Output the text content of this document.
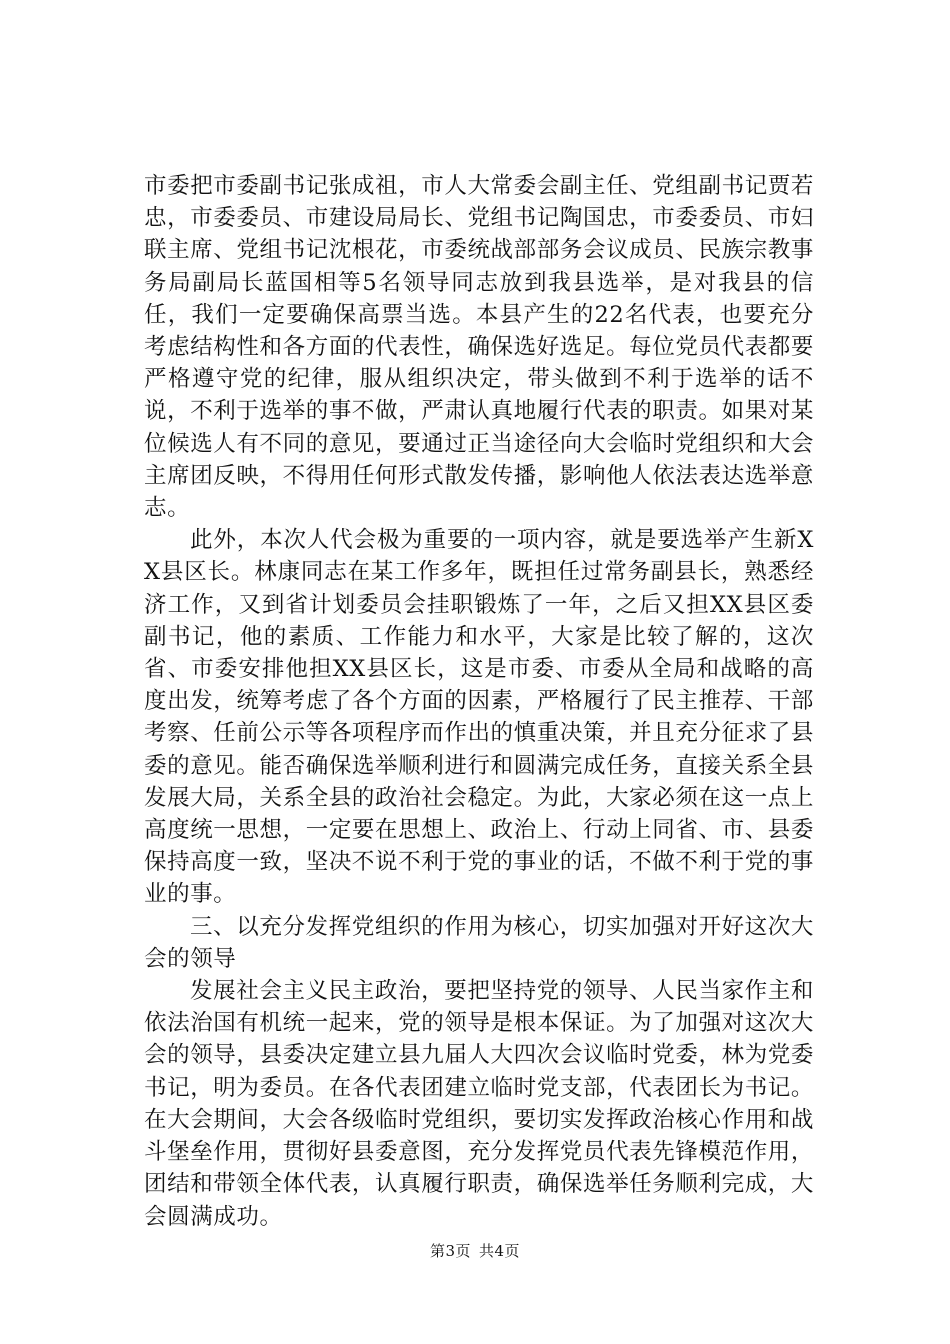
市委把市委副书记张成祖，市人大常委会副主任、党组副书记贾若忠，市委委员、市建设局局长、党组书记陶国忠，市委委员、市妇联主席、党组书记沈根花，市委统战部部务会议成员、民族宗教事务局副局长蓝国相等5名领导同志放到我县选举，是对我县的信任，我们一定要确保高票当选。本县产生的22名代表，也要充分考虑结构性和各方面的代表性，确保选好选足。每位党员代表都要严格遵守党的纪律，服从组织决定，带头做到不利于选举的话不说，不利于选举的事不做，严肃认真地履行代表的职责。如果对某位候选人有不同的意见，要通过正当途径向大会临时党组织和大会主席团反映，不得用任何形式散发传播，影响他人依法表达选举意志。

此外，本次人代会极为重要的一项内容，就是要选举产生新XX县区长。林康同志在某工作多年，既担任过常务副县长，熟悉经济工作，又到省计划委员会挂职锻炼了一年，之后又担XX县区委副书记，他的素质、工作能力和水平，大家是比较了解的，这次省、市委安排他担XX县区长，这是市委、市委从全局和战略的高度出发，统筹考虑了各个方面的因素，严格履行了民主推荐、干部考察、任前公示等各项程序而作出的慎重决策，并且充分征求了县委的意见。能否确保选举顺利进行和圆满完成任务，直接关系全县发展大局，关系全县的政治社会稳定。为此，大家必须在这一点上高度统一思想，一定要在思想上、政治上、行动上同省、市、县委保持高度一致，坚决不说不利于党的事业的话，不做不利于党的事业的事。

三、以充分发挥党组织的作用为核心，切实加强对开好这次大会的领导

发展社会主义民主政治，要把坚持党的领导、人民当家作主和依法治国有机统一起来，党的领导是根本保证。为了加强对这次大会的领导，县委决定建立县九届人大四次会议临时党委，林为党委书记，明为委员。在各代表团建立临时党支部，代表团长为书记。在大会期间，大会各级临时党组织，要切实发挥政治核心作用和战斗堡垒作用，贯彻好县委意图，充分发挥党员代表先锋模范作用，团结和带领全体代表，认真履行职责，确保选举任务顺利完成，大会圆满成功。

第3页 共4页
